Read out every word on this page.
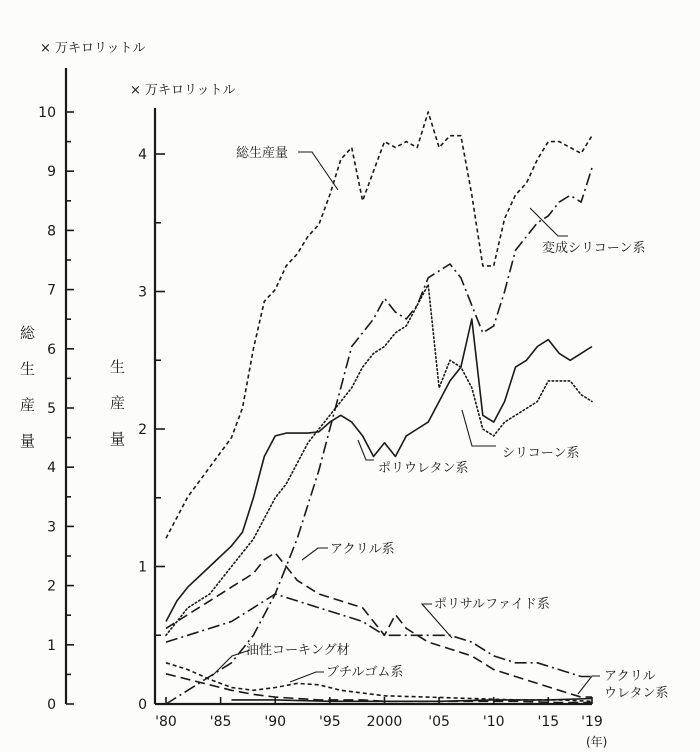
× 万キロリットル
× 万キロリットル
総
生
産
量
生
産
量
0
1
2
3
4
5
6
7
8
9
10
0
1
2
3
4
'80 '85 '90 '95 2000 '05 '10 '15 '19
(年)
総生産量
変成シリコーン系
シリコーン系
ポリウレタン系
アクリル系
ポリサルファイド系
油性コーキング材
ブチルゴム系	アクリル
ウレタン系
